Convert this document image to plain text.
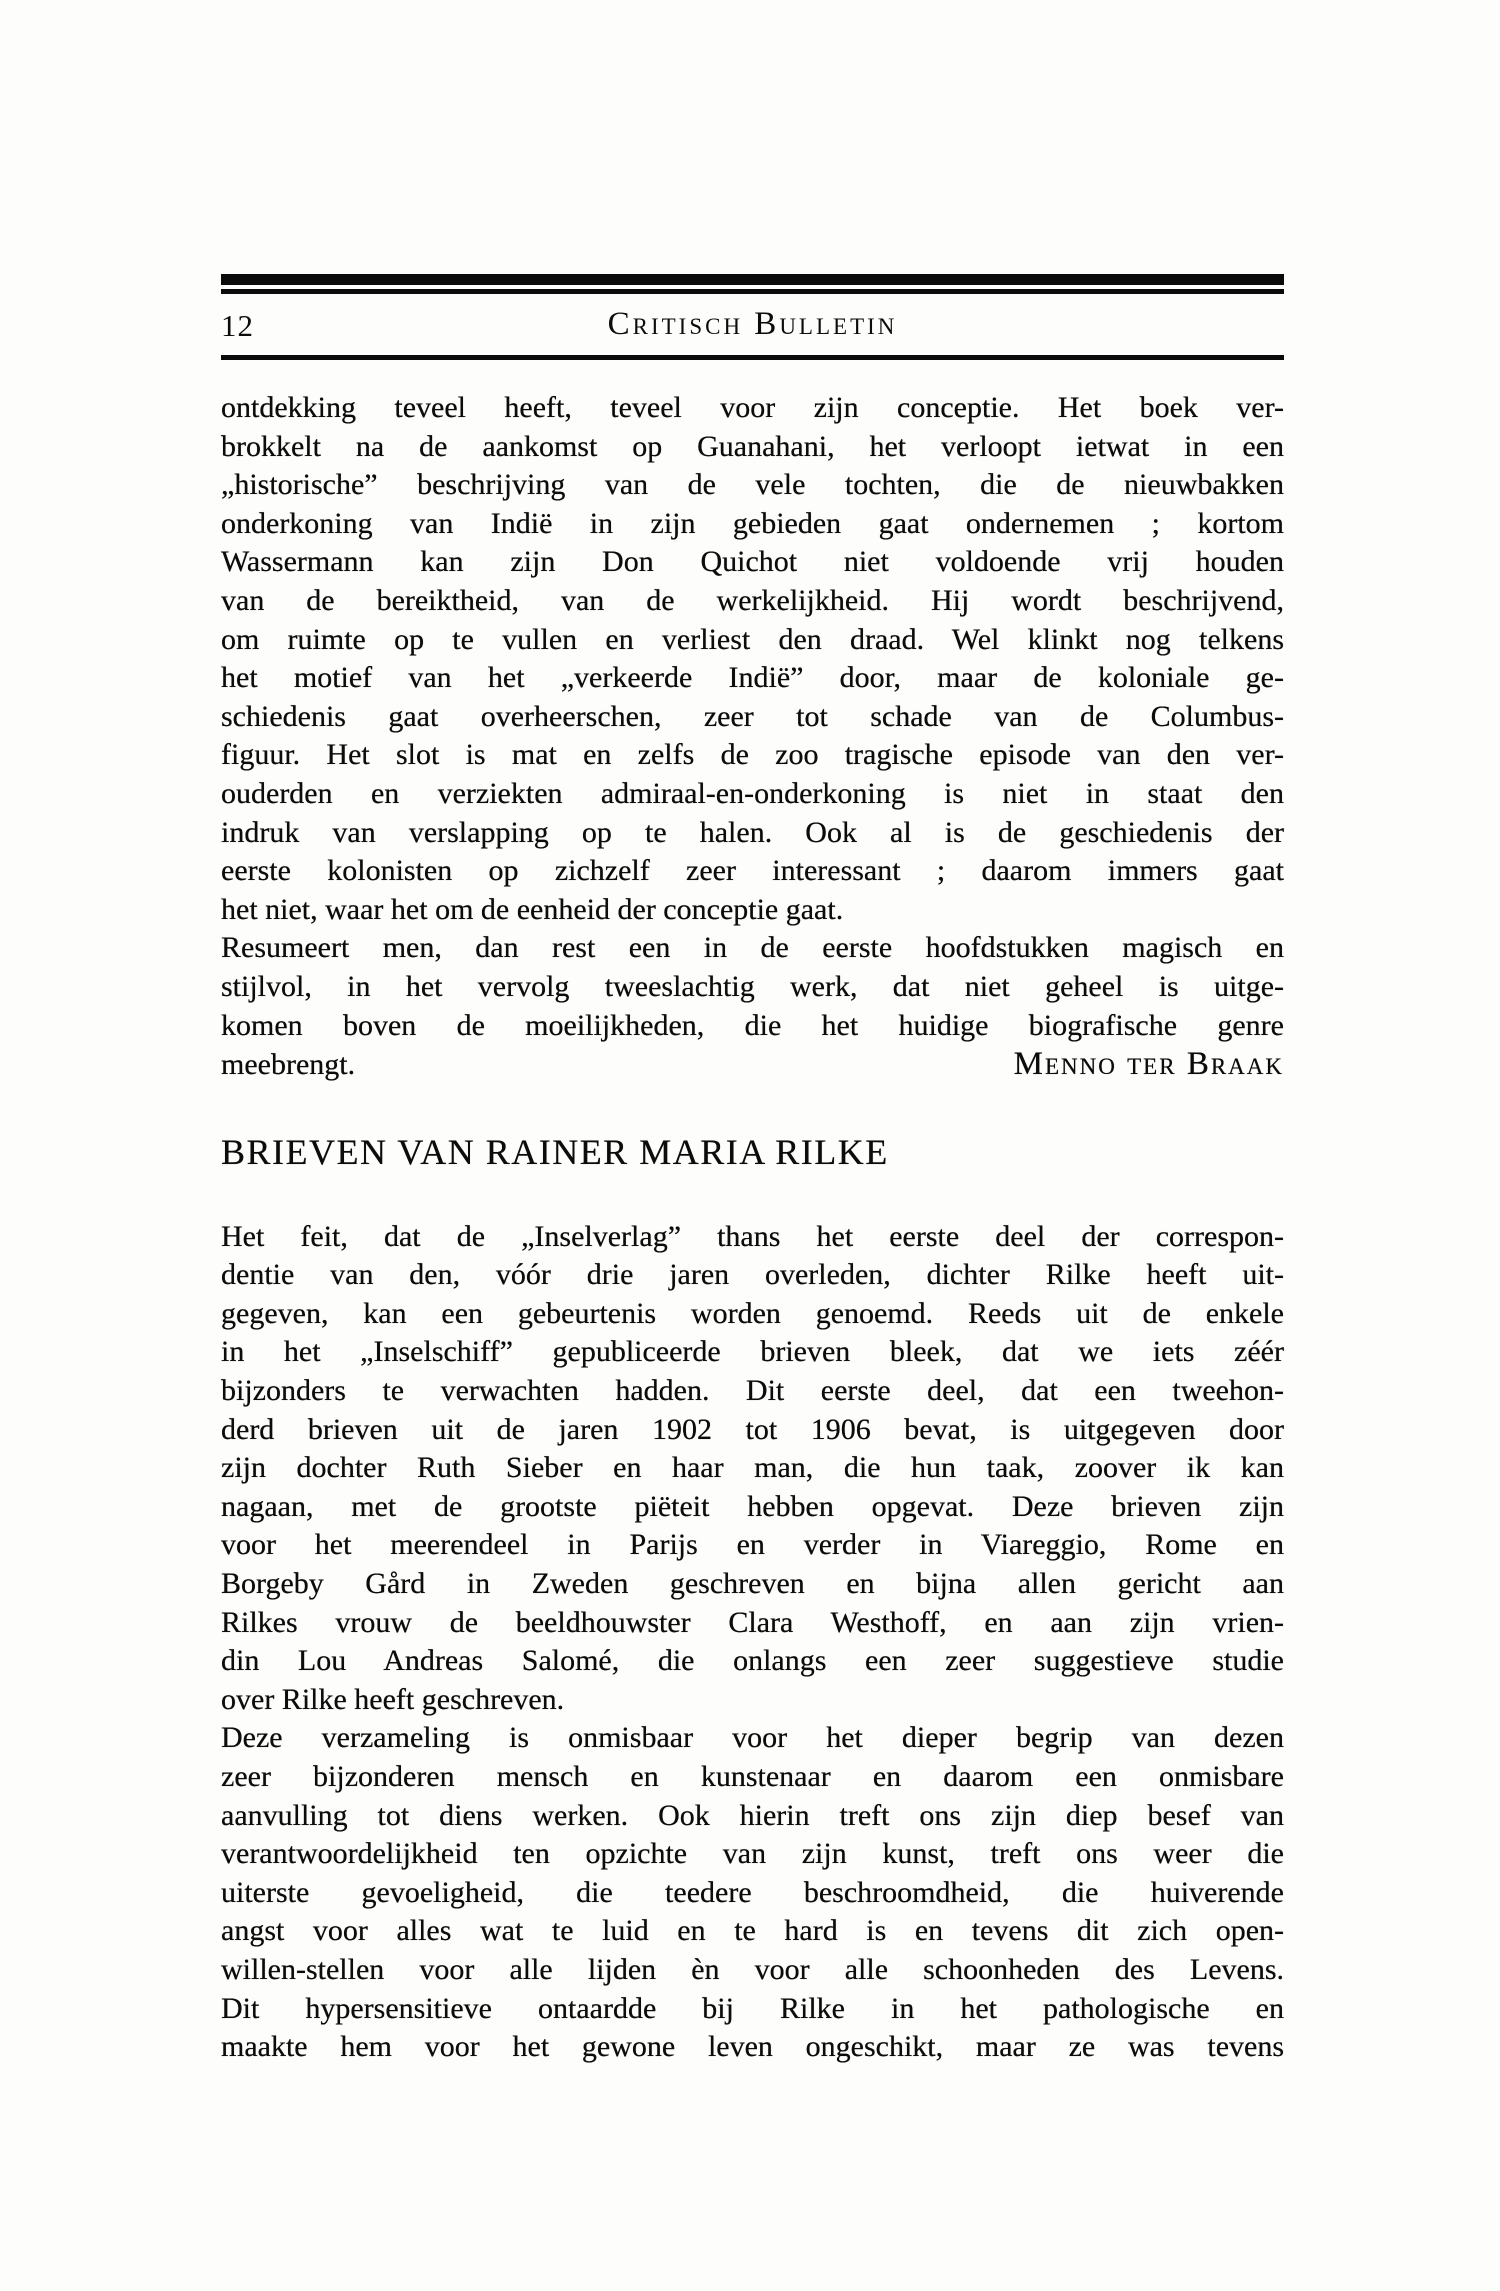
12	Critisch Bulletin
ontdekking teveel heeft, teveel voor zijn conceptie. Het boek ver-
brokkelt na de aankomst op Guanahani, het verloopt ietwat in een
„historische” beschrijving van de vele tochten, die de nieuwbakken
onderkoning van Indië in zijn gebieden gaat ondernemen ; kortom
Wassermann kan zijn Don Quichot niet voldoende vrij houden
van de bereiktheid, van de werkelijkheid. Hij wordt beschrijvend,
om ruimte op te vullen en verliest den draad. Wel klinkt nog telkens
het motief van het „verkeerde Indië” door, maar de koloniale ge-
schiedenis gaat overheerschen, zeer tot schade van de Columbus-
figuur. Het slot is mat en zelfs de zoo tragische episode van den ver-
ouderden en verziekten admiraal-en-onderkoning is niet in staat den
indruk van verslapping op te halen. Ook al is de geschiedenis der
eerste kolonisten op zichzelf zeer interessant ; daarom immers gaat
het niet, waar het om de eenheid der conceptie gaat.
Resumeert men, dan rest een in de eerste hoofdstukken magisch en
stijlvol, in het vervolg tweeslachtig werk, dat niet geheel is uitge-
komen boven de moeilijkheden, die het huidige biografische genre
meebrengt.	Menno ter Braak
BRIEVEN VAN RAINER MARIA RILKE
Het feit, dat de „Inselverlag” thans het eerste deel der correspon-
dentie van den, vóór drie jaren overleden, dichter Rilke heeft uit-
gegeven, kan een gebeurtenis worden genoemd. Reeds uit de enkele
in het „Inselschiff” gepubliceerde brieven bleek, dat we iets zéér
bijzonders te verwachten hadden. Dit eerste deel, dat een tweehon-
derd brieven uit de jaren 1902 tot 1906 bevat, is uitgegeven door
zijn dochter Ruth Sieber en haar man, die hun taak, zoover ik kan
nagaan, met de grootste piëteit hebben opgevat. Deze brieven zijn
voor het meerendeel in Parijs en verder in Viareggio, Rome en
Borgeby Gård in Zweden geschreven en bijna allen gericht aan
Rilkes vrouw de beeldhouwster Clara Westhoff, en aan zijn vrien-
din Lou Andreas Salomé, die onlangs een zeer suggestieve studie
over Rilke heeft geschreven.
Deze verzameling is onmisbaar voor het dieper begrip van dezen
zeer bijzonderen mensch en kunstenaar en daarom een onmisbare
aanvulling tot diens werken. Ook hierin treft ons zijn diep besef van
verantwoordelijkheid ten opzichte van zijn kunst, treft ons weer die
uiterste gevoeligheid, die teedere beschroomdheid, die huiverende
angst voor alles wat te luid en te hard is en tevens dit zich open-
willen-stellen voor alle lijden èn voor alle schoonheden des Levens.
Dit hypersensitieve ontaardde bij Rilke in het pathologische en
maakte hem voor het gewone leven ongeschikt, maar ze was tevens
